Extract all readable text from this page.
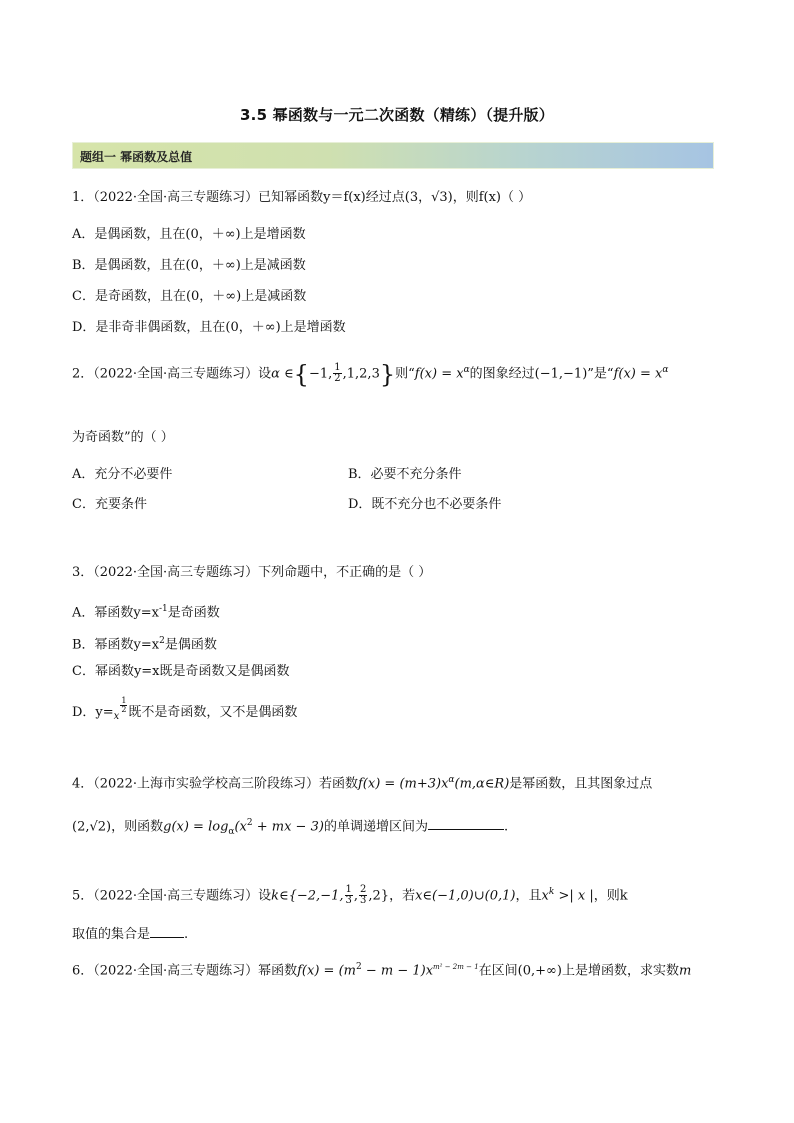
3.5 幂函数与一元二次函数（精练）（提升版）
题组一 幂函数及总值
1．（2022·全国·高三专题练习）已知幂函数y＝f(x)经过点(3，√3)，则f(x)（ ）
A．是偶函数，且在(0，＋∞)上是增函数
B．是偶函数，且在(0，＋∞)上是减函数
C．是奇函数，且在(0，＋∞)上是减函数
D．是非奇非偶函数，且在(0，＋∞)上是增函数
2．（2022·全国·高三专题练习）设α ∈{−1, $\frac{1}{2} ,1,2,3$}则“$f(x) = x^\alpha$的图象经过(−1,−1)”是“$f(x) = x^\alpha$
为奇函数”的（ ）
A．充分不必要件	B．必要不充分条件
C．充要条件	D．既不充分也不必要条件
3．（2022·全国·高三专题练习）下列命题中，不正确的是（ ）
A．幂函数$y=x^{-1}$是奇函数
B．幂函数$y=x^2$是偶函数
C．幂函数y=x既是奇函数又是偶函数
D．$y=_x$
$\frac{1}{2}$ 既不是奇函数，又不是偶函数
4．（2022·上海市实验学校高三阶段练习）若函数$f(x) = (m+3)x^\alpha(m,\alpha\in R)$是幂函数，且其图象过点
(2,√2)，则函数$g(x) = \log_\alpha(x^2$ + mx − 3)的单调递增区间为	.
5．（2022·全国·高三专题练习）设k∈{−2,−1, $\frac{1}{3}$ , $\frac{2}{3} ,2$}，若x∈(−1,0)∪(0,1)，且$x^k$ >| x |，则k
取值的集合是	.
6．（2022·全国·高三专题练习）幂函数$f(x) = (m^2 - m - 1)x^{m^2 - 2m - 1}$在区间(0,+∞)上是增函数，求实数m
